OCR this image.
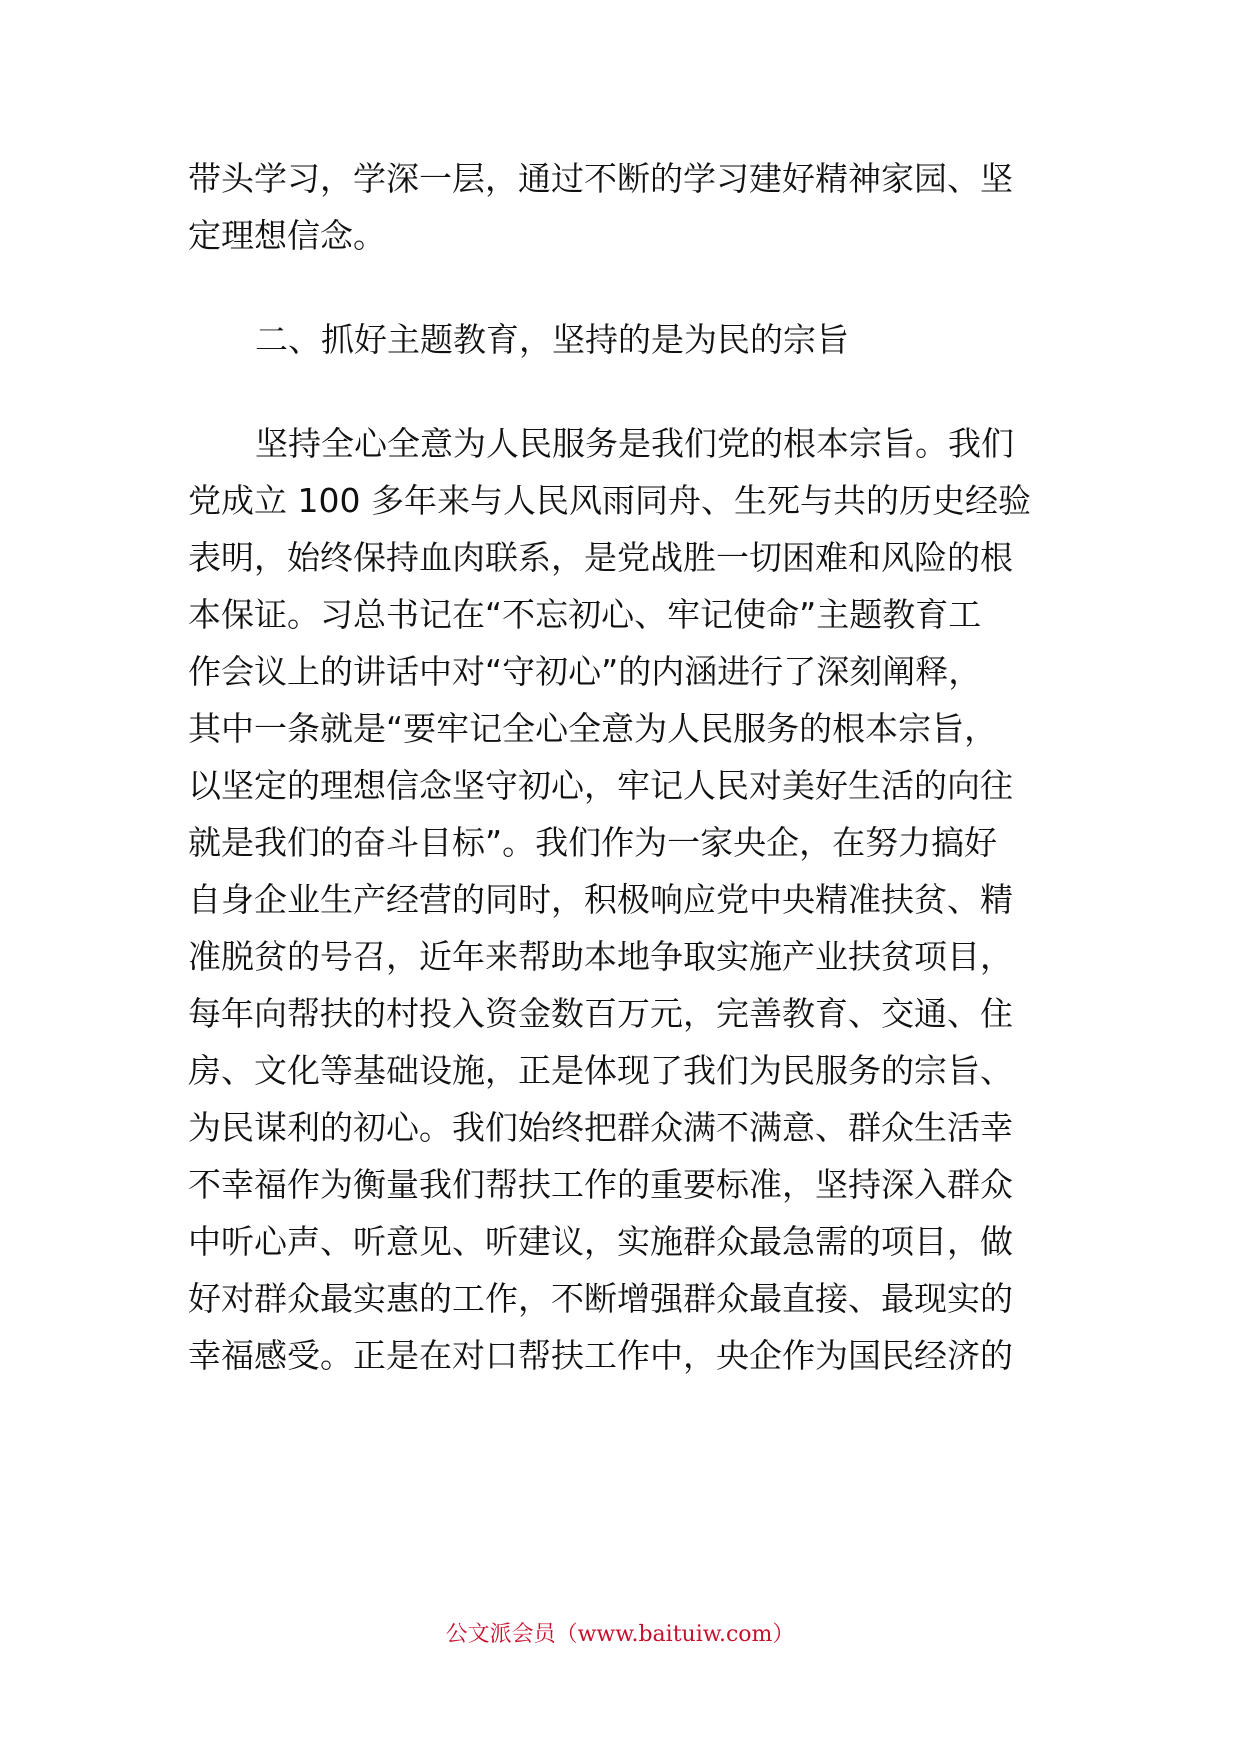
带头学习，学深一层，通过不断的学习建好精神家园、坚
定理想信念。
二、抓好主题教育，坚持的是为民的宗旨
坚持全心全意为人民服务是我们党的根本宗旨。我们
党成立 100 多年来与人民风雨同舟、生死与共的历史经验
表明，始终保持血肉联系，是党战胜一切困难和风险的根
本保证。习总书记在“不忘初心、牢记使命”主题教育工
作会议上的讲话中对“守初心”的内涵进行了深刻阐释，
其中一条就是“要牢记全心全意为人民服务的根本宗旨，
以坚定的理想信念坚守初心，牢记人民对美好生活的向往
就是我们的奋斗目标”。我们作为一家央企，在努力搞好
自身企业生产经营的同时，积极响应党中央精准扶贫、精
准脱贫的号召，近年来帮助本地争取实施产业扶贫项目，
每年向帮扶的村投入资金数百万元，完善教育、交通、住
房、文化等基础设施，正是体现了我们为民服务的宗旨、
为民谋利的初心。我们始终把群众满不满意、群众生活幸
不幸福作为衡量我们帮扶工作的重要标准，坚持深入群众
中听心声、听意见、听建议，实施群众最急需的项目，做
好对群众最实惠的工作，不断增强群众最直接、最现实的
幸福感受。正是在对口帮扶工作中，央企作为国民经济的
公文派会员（www.baituiw.com）
